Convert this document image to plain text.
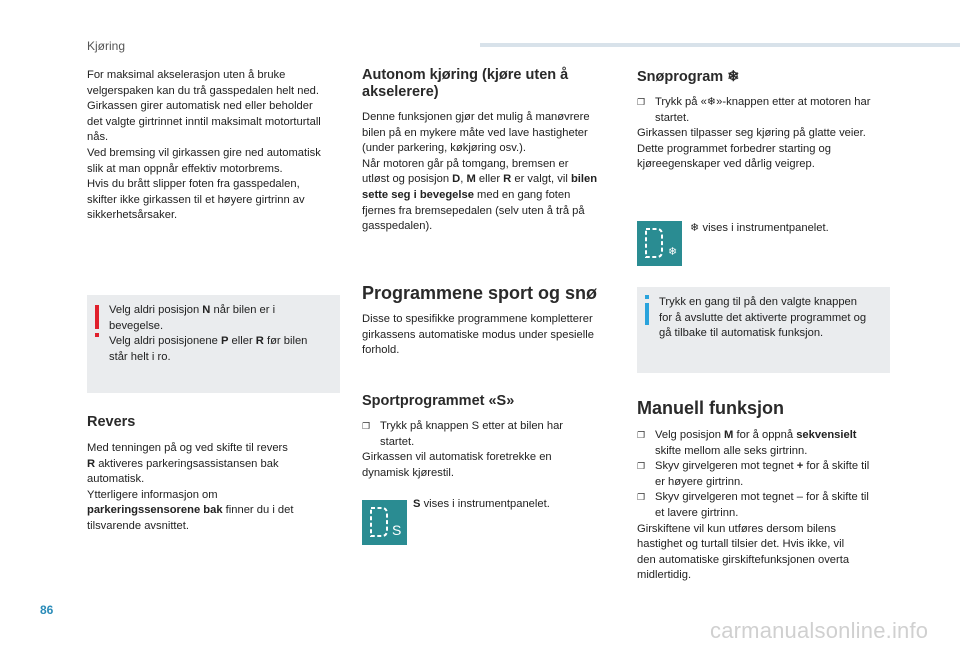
Kjøring

For maksimal akselerasjon uten å bruke

velgerspaken kan du trå gasspedalen helt ned.

Girkassen girer automatisk ned eller beholder

det valgte girtrinnet inntil maksimalt motorturtall

nås.

Ved bremsing vil girkassen gire ned automatisk

slik at man oppnår effektiv motorbrems.

Hvis du brått slipper foten fra gasspedalen,

skifter ikke girkassen til et høyere girtrinn av

sikkerhetsårsaker.

Velg aldri posisjon N når bilen er i
bevegelse.
Velg aldri posisjonene P eller R før bilen
står helt i ro.
Revers

Med tenningen på og ved skifte til revers

R aktiveres parkeringsassistansen bak

automatisk.

Ytterligere informasjon om

parkeringssensorene bak finner du i det

tilsvarende avsnittet.

Autonom kjøring (kjøre uten å
akselerere)

Denne funksjonen gjør det mulig å manøvrere

bilen på en mykere måte ved lave hastigheter

(under parkering, køkjøring osv.).

Når motoren går på tomgang, bremsen er

utløst og posisjon D, M eller R er valgt, vil bilen

sette seg i bevegelse med en gang foten

fjernes fra bremsepedalen (selv uten å trå på

gasspedalen).

Programmene sport og snø

Disse to spesifikke programmene kompletterer

girkassens automatiske modus under spesielle

forhold.

Sportprogrammet «S»
❐ Trykk på knappen S etter at bilen har
startet.

Girkassen vil automatisk foretrekke en

dynamisk kjørestil.

S

S vises i instrumentpanelet.

Snøprogram ❄
❐ Trykk på «❄»-knappen etter at motoren har
startet.

Girkassen tilpasser seg kjøring på glatte veier.

Dette programmet forbedrer starting og

kjøreegenskaper ved dårlig veigrep.

❄

❄ vises i instrumentpanelet.

Trykk en gang til på den valgte knappen
for å avslutte det aktiverte programmet og
gå tilbake til automatisk funksjon.
Manuell funksjon
❐ Velg posisjon M for å oppnå sekvensielt
skifte mellom alle seks girtrinn.
❐ Skyv girvelgeren mot tegnet + for å skifte til
er høyere girtrinn.
❐ Skyv girvelgeren mot tegnet – for å skifte til
et lavere girtrinn.

Girskiftene vil kun utføres dersom bilens

hastighet og turtall tilsier det. Hvis ikke, vil

den automatiske girskiftefunksjonen overta

midlertidig.

86
carmanualsonline.info
